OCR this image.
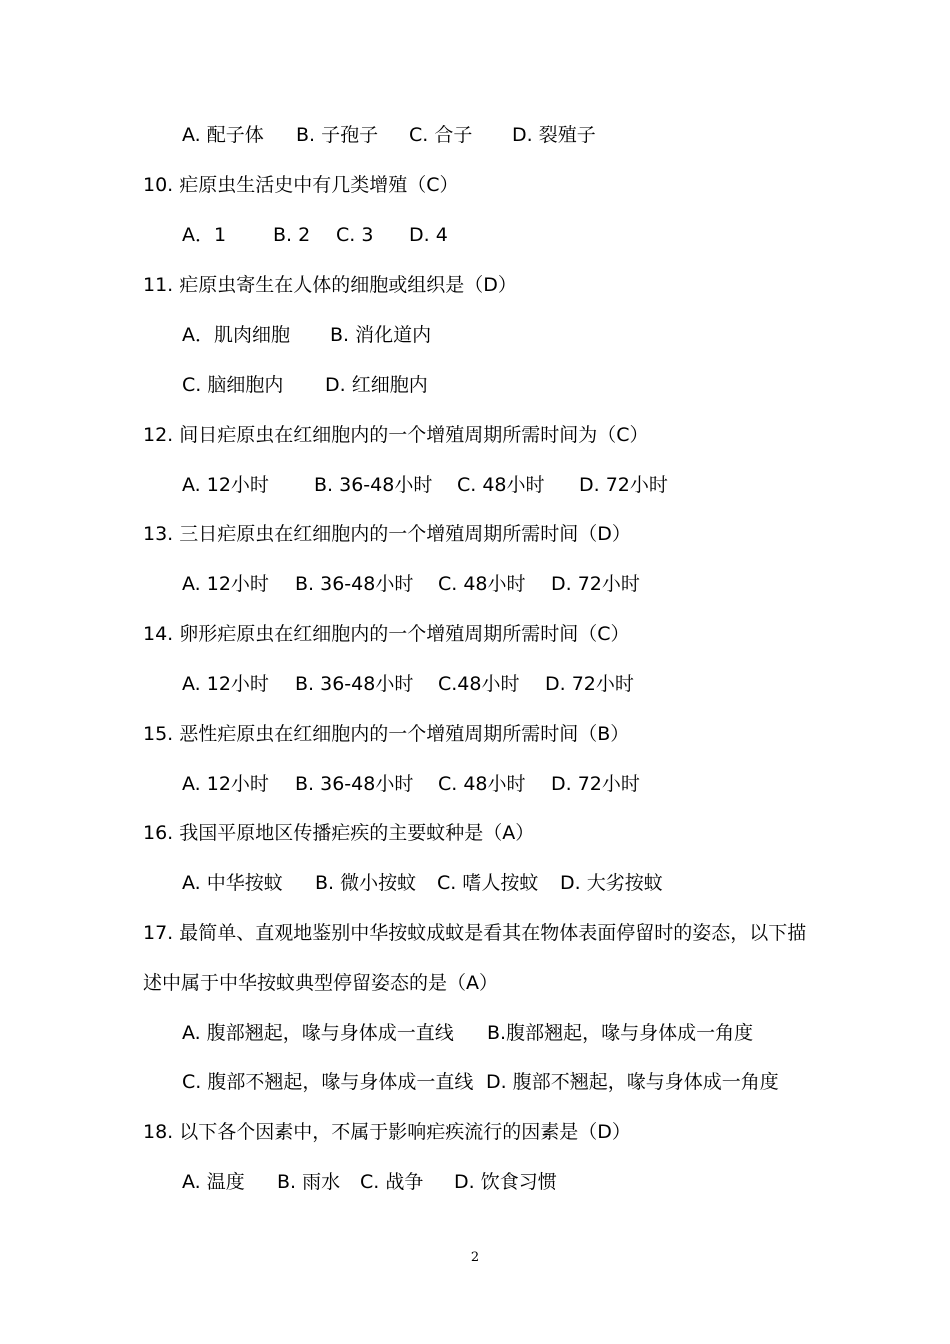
A. 配子体 B. 子孢子 C. 合子 D. 裂殖子
10. 疟原虫生活史中有几类增殖（C）
A．1 B. 2 C. 3 D. 4
11. 疟原虫寄生在人体的细胞或组织是（D）
A．肌肉细胞 B. 消化道内
C. 脑细胞内 D. 红细胞内
12. 间日疟原虫在红细胞内的一个增殖周期所需时间为（C）
A. 12小时 B. 36-48小时 C. 48小时 D. 72小时
13. 三日疟原虫在红细胞内的一个增殖周期所需时间（D）
A. 12小时 B. 36-48小时 C. 48小时 D. 72小时
14. 卵形疟原虫在红细胞内的一个增殖周期所需时间（C）
A. 12小时 B. 36-48小时 C.48小时 D. 72小时
15. 恶性疟原虫在红细胞内的一个增殖周期所需时间（B）
A. 12小时 B. 36-48小时 C. 48小时 D. 72小时
16. 我国平原地区传播疟疾的主要蚊种是（A）
A. 中华按蚊 B. 微小按蚊 C. 嗜人按蚊 D. 大劣按蚊
17. 最简单、直观地鉴别中华按蚊成蚊是看其在物体表面停留时的姿态，以下描
述中属于中华按蚊典型停留姿态的是（A）
A. 腹部翘起，喙与身体成一直线 B.腹部翘起，喙与身体成一角度
C. 腹部不翘起，喙与身体成一直线 D. 腹部不翘起，喙与身体成一角度
18. 以下各个因素中，不属于影响疟疾流行的因素是（D）
A. 温度 B. 雨水 C. 战争 D. 饮食习惯
2
